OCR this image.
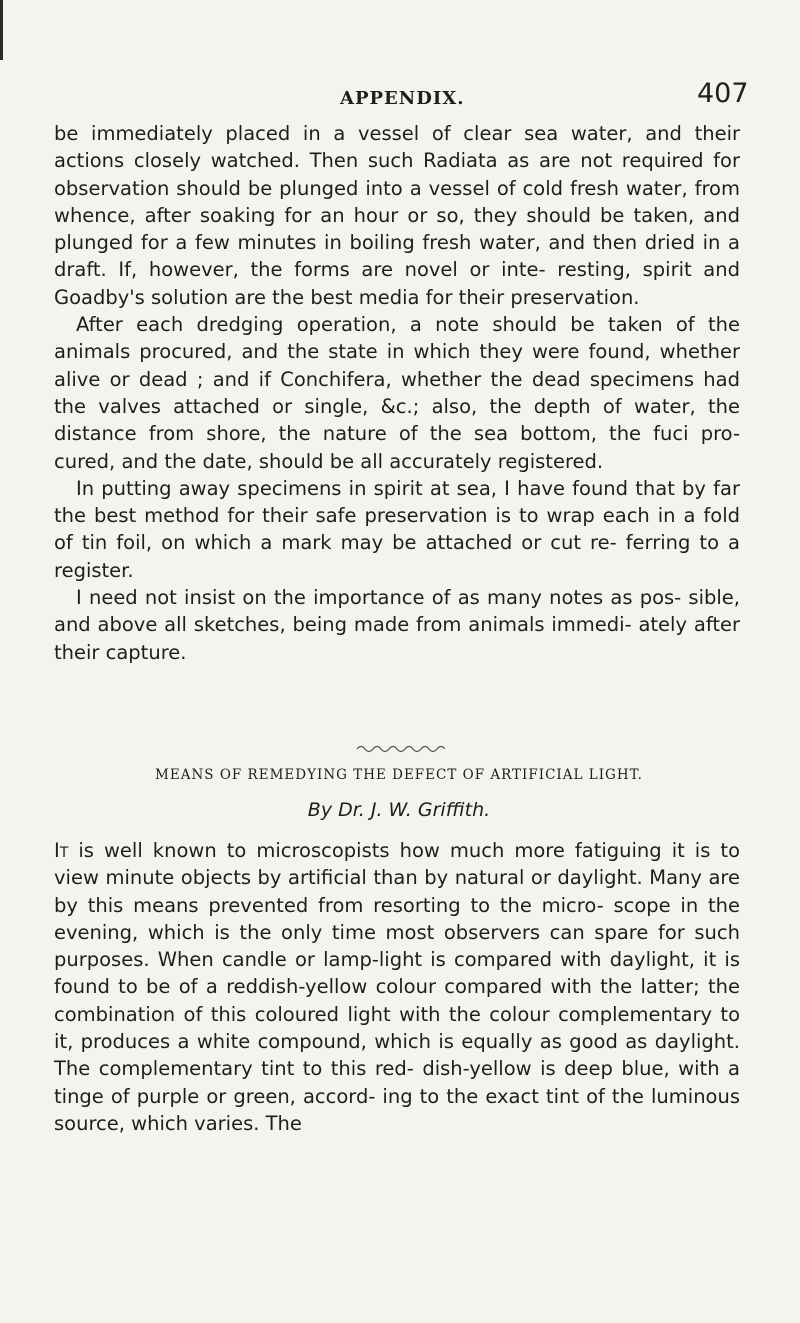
APPENDIX.	407

be immediately placed in a vessel of clear sea water, and their actions closely watched. Then such Radiata as are not required for observation should be plunged into a vessel of cold fresh water, from whence, after soaking for an hour or so, they should be taken, and plunged for a few minutes in boiling fresh water, and then dried in a draft. If, however, the forms are novel or inte- resting, spirit and Goadby's solution are the best media for their preservation.

After each dredging operation, a note should be taken of the animals procured, and the state in which they were found, whether alive or dead ; and if Conchifera, whether the dead specimens had the valves attached or single, &c.; also, the depth of water, the distance from shore, the nature of the sea bottom, the fuci pro- cured, and the date, should be all accurately registered.

In putting away specimens in spirit at sea, I have found that by far the best method for their safe preservation is to wrap each in a fold of tin foil, on which a mark may be attached or cut re- ferring to a register.

I need not insist on the importance of as many notes as pos- sible, and above all sketches, being made from animals immedi- ately after their capture.

MEANS OF REMEDYING THE DEFECT OF ARTIFICIAL LIGHT.
By Dr. J. W. Griffith.

It is well known to microscopists how much more fatiguing it is to view minute objects by artificial than by natural or daylight. Many are by this means prevented from resorting to the micro- scope in the evening, which is the only time most observers can spare for such purposes. When candle or lamp-light is compared with daylight, it is found to be of a reddish-yellow colour compared with the latter; the combination of this coloured light with the colour complementary to it, produces a white compound, which is equally as good as daylight. The complementary tint to this red- dish-yellow is deep blue, with a tinge of purple or green, accord- ing to the exact tint of the luminous source, which varies. The
